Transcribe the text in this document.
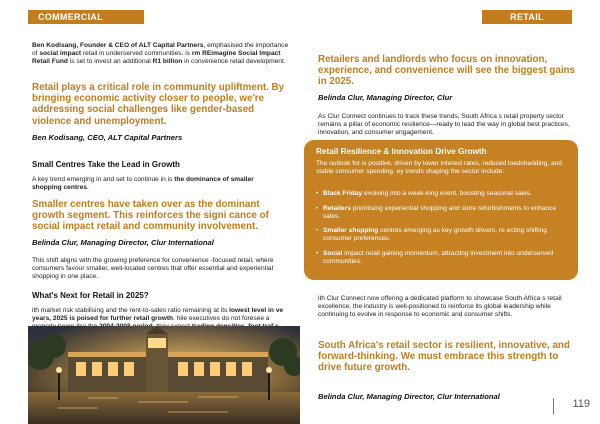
COMMERCIAL
Ben Kodisang, Founder & CEO of ALT Capital Partners, emphasised the importance of social impact retail in underserved communities. is rm REimagine Social Impact Retail Fund is set to invest an additional R1 billion in convenience retail development.
Retail plays a critical role in community upliftment. By bringing economic activity closer to people, we're addressing social challenges like gender-based violence and unemployment.
Ben Kodisang, CEO, ALT Capital Partners
Small Centres Take the Lead in Growth
A key trend emerging in and set to continue in is the dominance of smaller shopping centres.
Smaller centres have taken over as the dominant growth segment. This reinforces the signi cance of social impact retail and community involvement.
Belinda Clur, Managing Director, Clur International
This shift aligns with the growing preference for convenience -focused retail, where consumers favour smaller, well-located centres that offer essential and experiential shopping in one place.
What's Next for Retail in 2025?
ith market risk stabilising and the rent-to-sales ratio remaining at its lowest level in ve years, 2025 is poised for further retail growth. hile executives do not foresee a
RETAIL
Retailers and landlords who focus on innovation, experience, and convenience will see the biggest gains in 2025.
Belinda Clur, Managing Director, Clur
As Clur Connect continues to track these trends, South Africa s retail property sector remains a pillar of economic resilience—ready to lead the way in global best practices, innovation, and consumer engagement.
Retail Resilience & Innovation Drive Growth
The outlook for is positive, driven by lower interest rates, reduced loadshedding, and stable consumer spending. ey trends shaping the sector include:
• Black Friday evolving into a week-long event, boosting seasonal sales.
• Retailers prioritising experiential shopping and store refurbishments to enhance sales.
• Smaller shopping centres emerging as key growth drivers, re ecting shifting consumer preferences.
• Social impact retail gaining momentum, attracting investment into underserved communities.
ith Clur Connect now offering a dedicated platform to showcase South Africa s retail excellence, the industry is well-positioned to reinforce its global leadership while continuing to evolve in response to economic and consumer shifts.
South Africa's retail sector is resilient, innovative, and forward-thinking. We must embrace this strength to drive future growth.
Belinda Clur, Managing Director, Clur International
119
